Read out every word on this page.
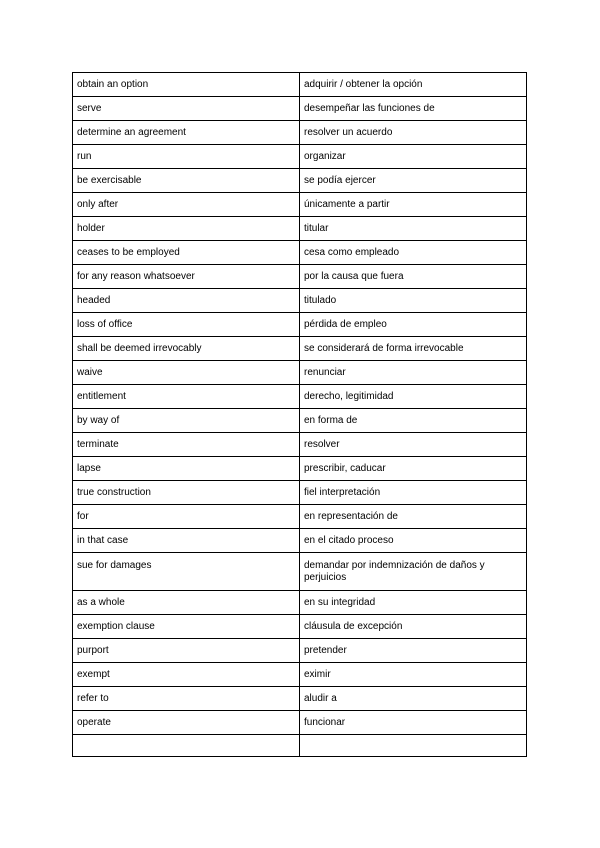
obtain an option	adquirir / obtener la opción
serve	desempeñar las funciones de
determine an agreement	resolver un acuerdo
run	organizar
be exercisable	se podía ejercer
only after	únicamente a partir
holder	titular
ceases to be employed	cesa como empleado
for any reason whatsoever	por la causa que fuera
headed	titulado
loss of office	pérdida de empleo
shall be deemed irrevocably	se considerará de forma irrevocable
waive	renunciar
entitlement	derecho, legitimidad
by way of	en forma de
terminate	resolver
lapse	prescribir, caducar
true construction	fiel interpretación
for	en representación de
in that case	en el citado proceso
sue for damages	demandar por indemnización de daños y perjuicios
as a whole	en su integridad
exemption clause	cláusula de excepción
purport	pretender
exempt	eximir
refer to	aludir a
operate	funcionar
